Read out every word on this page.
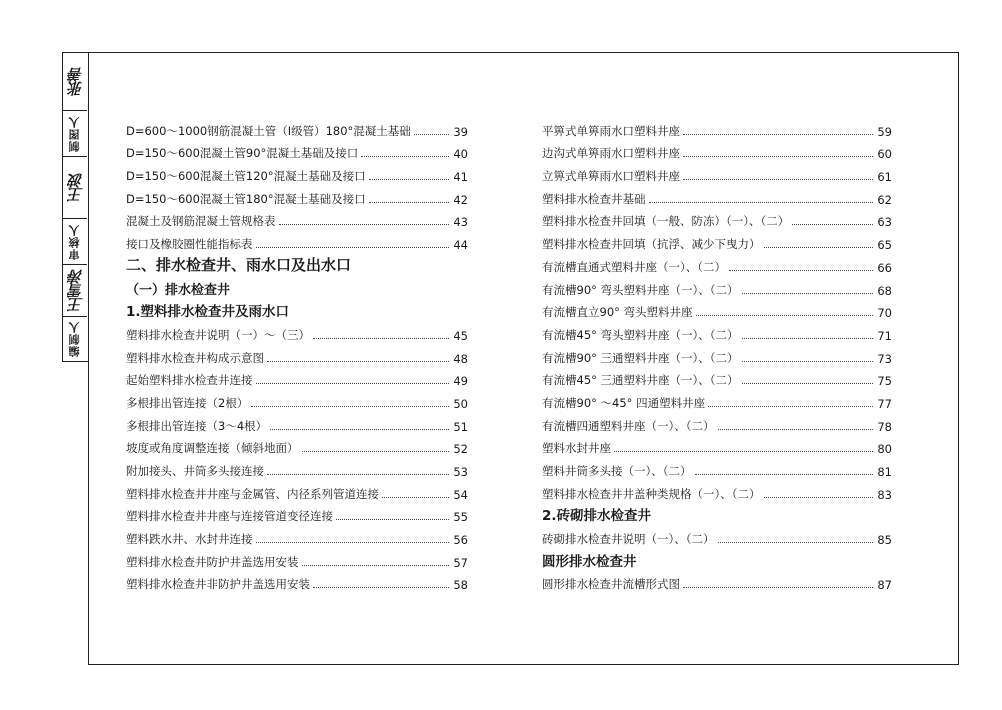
张善
制图人
王波
审核人
王雪涛
编制人
D=600～1000钢筋混凝土管（Ⅰ级管）180°混凝土基础	39
D=150～600混凝土管90°混凝土基础及接口	40
D=150～600混凝土管120°混凝土基础及接口	41
D=150～600混凝土管180°混凝土基础及接口	42
混凝土及钢筋混凝土管规格表	43
接口及橡胶圈性能指标表	44
二、排水检查井、雨水口及出水口
（一）排水检查井
1.塑料排水检查井及雨水口
塑料排水检查井说明（一）～（三）	45
塑料排水检查井构成示意图	48
起始塑料排水检查井连接	49
多根排出管连接（2根）	50
多根排出管连接（3～4根）	51
坡度或角度调整连接（倾斜地面）	52
附加接头、井筒多头接连接	53
塑料排水检查井井座与金属管、内径系列管道连接	54
塑料排水检查井井座与连接管道变径连接	55
塑料跌水井、水封井连接	56
塑料排水检查井防护井盖选用安装	57
塑料排水检查井非防护井盖选用安装	58
平箅式单箅雨水口塑料井座	59
边沟式单箅雨水口塑料井座	60
立箅式单箅雨水口塑料井座	61
塑料排水检查井基础	62
塑料排水检查井回填（一般、防冻）（一）、（二）	63
塑料排水检查井回填（抗浮、减少下曳力）	65
有流槽直通式塑料井座（一）、（二）	66
有流槽90° 弯头塑料井座（一）、（二）	68
有流槽直立90° 弯头塑料井座	70
有流槽45° 弯头塑料井座（一）、（二）	71
有流槽90° 三通塑料井座（一）、（二）	73
有流槽45° 三通塑料井座（一）、（二）	75
有流槽90° ～45° 四通塑料井座	77
有流槽四通塑料井座（一）、（二）	78
塑料水封井座	80
塑料井筒多头接（一）、（二）	81
塑料排水检查井井盖种类规格（一）、（二）	83
2.砖砌排水检查井
砖砌排水检查井说明（一）、（二）	85
圆形排水检查井
圆形排水检查井流槽形式图	87
